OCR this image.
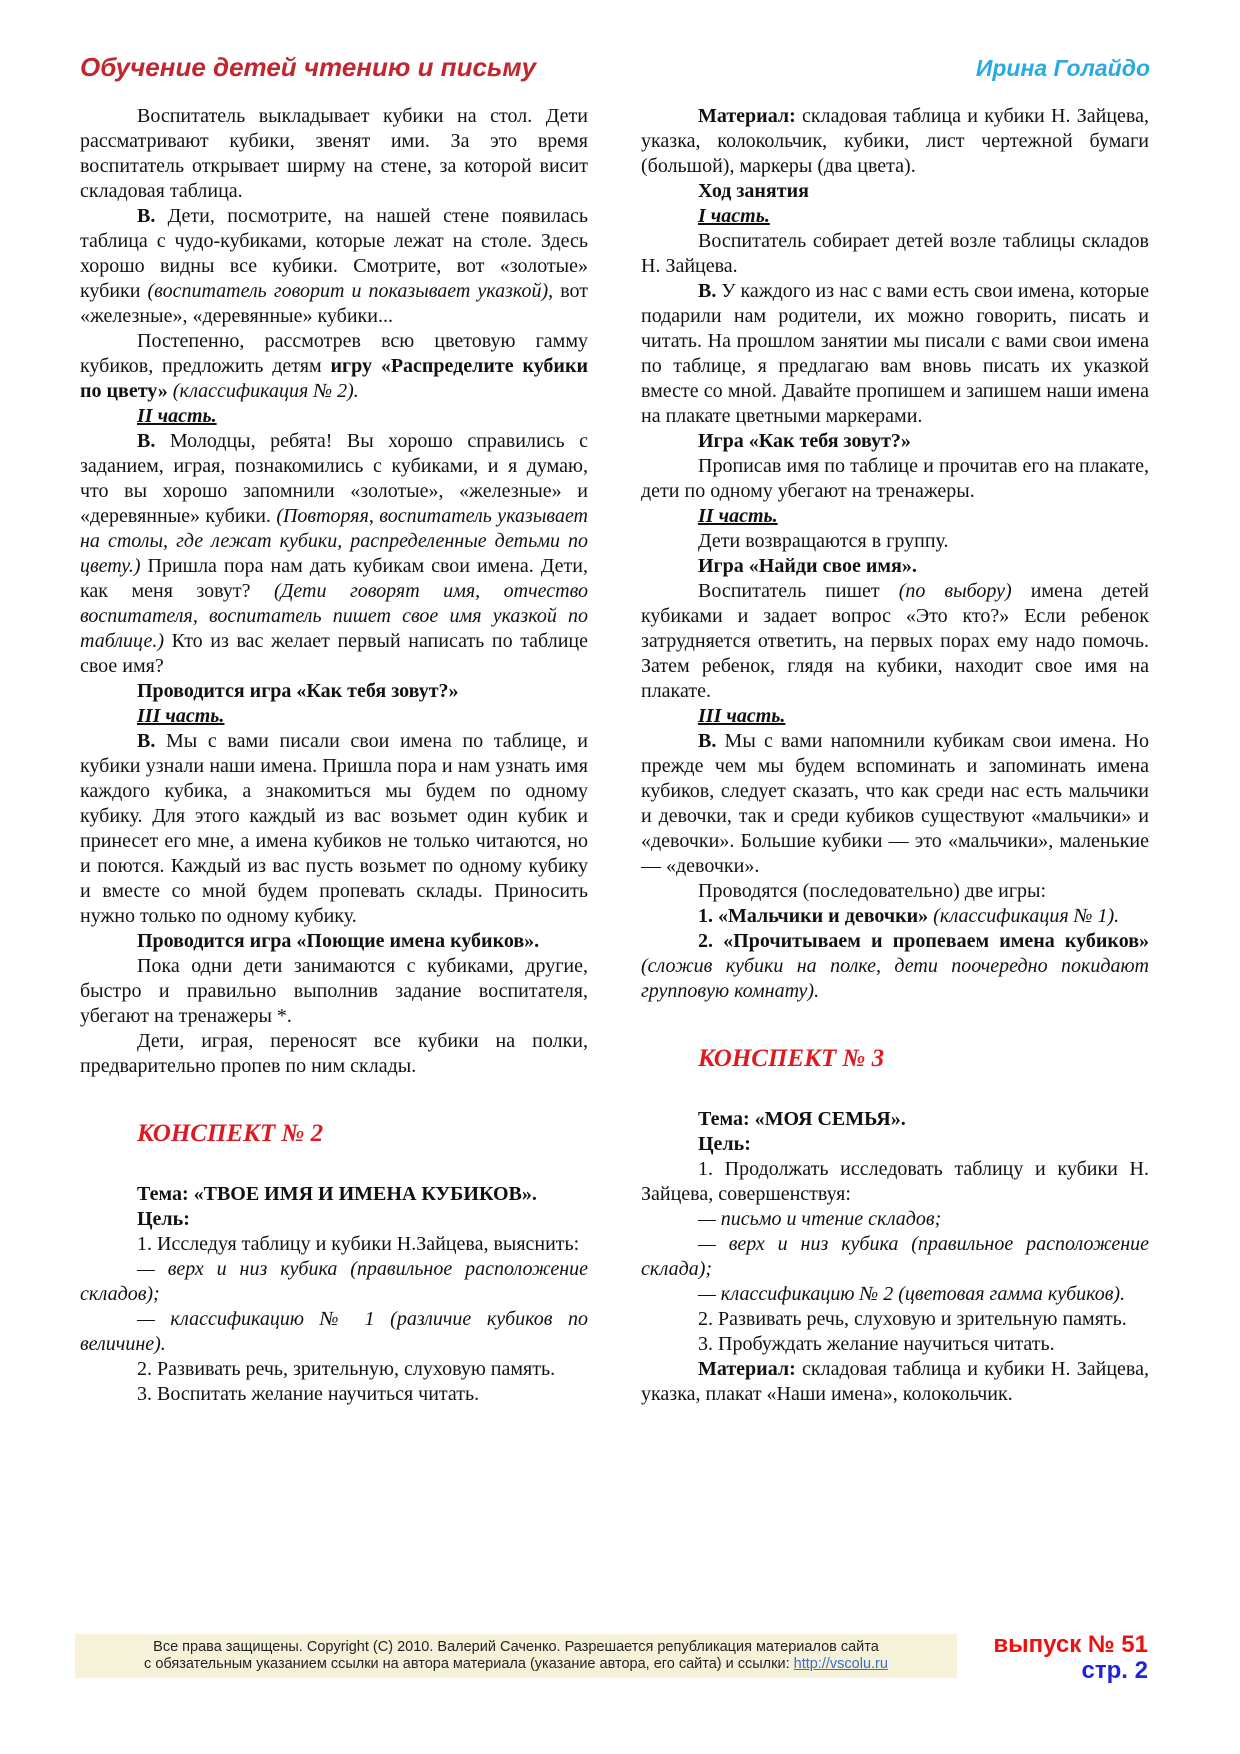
Обучение детей чтению и письму	Ирина Голайдо

Воспитатель выкладывает кубики на стол. Дети рассматривают кубики, звенят ими. За это время воспитатель открывает ширму на стене, за которой висит складовая таблица.

В. Дети, посмотрите, на нашей стене появилась таблица с чудо-кубиками, которые лежат на столе. Здесь хорошо видны все кубики. Смотрите, вот «золотые» кубики (воспитатель говорит и показывает указкой), вот «железные», «деревянные» кубики...

Постепенно, рассмотрев всю цветовую гамму кубиков, предложить детям игру «Распределите кубики по цвету» (классификация № 2).

II часть.

В. Молодцы, ребята! Вы хорошо справились с заданием, играя, познакомились с кубиками, и я думаю, что вы хорошо запомнили «золотые», «железные» и «деревянные» кубики. (Повторяя, воспитатель указывает на столы, где лежат кубики, распределенные детьми по цвету.) Пришла пора нам дать кубикам свои имена. Дети, как меня зовут? (Дети говорят имя, отчество воспитателя, воспитатель пишет свое имя указкой по таблице.) Кто из вас желает первый написать по таблице свое имя?

Проводится игра «Как тебя зовут?»

III часть.

В. Мы с вами писали свои имена по таблице, и кубики узнали наши имена. Пришла пора и нам узнать имя каждого кубика, а знакомиться мы будем по одному кубику. Для этого каждый из вас возьмет один кубик и принесет его мне, а имена кубиков не только читаются, но и поются. Каждый из вас пусть возьмет по одному кубику и вместе со мной будем пропевать склады. Приносить нужно только по одному кубику.

Проводится игра «Поющие имена кубиков».

Пока одни дети занимаются с кубиками, другие, быстро и правильно выполнив задание воспитателя, убегают на тренажеры *.

Дети, играя, переносят все кубики на полки, предварительно пропев по ним склады.

КОНСПЕКТ № 2

Тема: «ТВОЕ ИМЯ И ИМЕНА КУБИКОВ».

Цель:

1. Исследуя таблицу и кубики Н.Зайцева, выяснить:

— верх и низ кубика (правильное расположение складов);

— классификацию № 1 (различие кубиков по величине).

2. Развивать речь, зрительную, слуховую память.

3. Воспитать желание научиться читать.

Материал: складовая таблица и кубики Н. Зайцева, указка, колокольчик, кубики, лист чертежной бумаги (большой), маркеры (два цвета).

Ход занятия

I часть.

Воспитатель собирает детей возле таблицы складов Н. Зайцева.

В. У каждого из нас с вами есть свои имена, которые подарили нам родители, их можно говорить, писать и читать. На прошлом занятии мы писали с вами свои имена по таблице, я предлагаю вам вновь писать их указкой вместе со мной. Давайте пропишем и запишем наши имена на плакате цветными маркерами.

Игра «Как тебя зовут?»

Прописав имя по таблице и прочитав его на плакате, дети по одному убегают на тренажеры.

II часть.

Дети возвращаются в группу.

Игра «Найди свое имя».

Воспитатель пишет (по выбору) имена детей кубиками и задает вопрос «Это кто?» Если ребенок затрудняется ответить, на первых порах ему надо помочь. Затем ребенок, глядя на кубики, находит свое имя на плакате.

III часть.

В. Мы с вами напомнили кубикам свои имена. Но прежде чем мы будем вспоминать и запоминать имена кубиков, следует сказать, что как среди нас есть мальчики и девочки, так и среди кубиков существуют «мальчики» и «девочки». Большие кубики — это «мальчики», маленькие — «девочки».

Проводятся (последовательно) две игры:

1. «Мальчики и девочки» (классификация № 1).

2. «Прочитываем и пропеваем имена кубиков» (сложив кубики на полке, дети поочередно покидают групповую комнату).

КОНСПЕКТ № 3

Тема: «МОЯ СЕМЬЯ».

Цель:

1. Продолжать исследовать таблицу и кубики Н. Зайцева, совершенствуя:

— письмо и чтение складов;

— верх и низ кубика (правильное расположение склада);

— классификацию № 2 (цветовая гамма кубиков).

2. Развивать речь, слуховую и зрительную память.

3. Пробуждать желание научиться читать.

Материал: складовая таблица и кубики Н. Зайцева, указка, плакат «Наши имена», колокольчик.

Все права защищены. Copyright (C) 2010. Валерий Саченко. Разрешается републикация материалов сайта
с обязательным указанием ссылки на автора материала (указание автора, его сайта) и ссылки: http://vscolu.ru
выпуск № 51
стр. 2
